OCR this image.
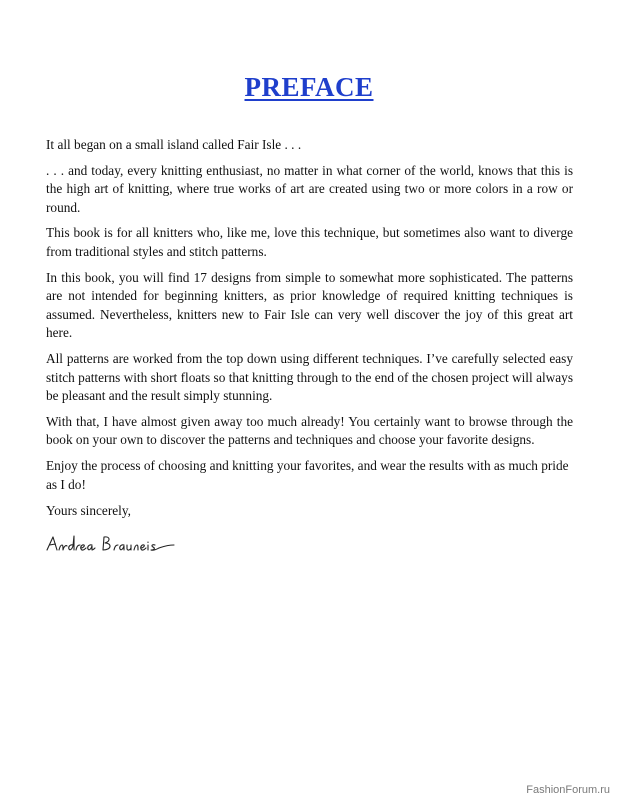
PREFACE

It all began on a small island called Fair Isle . . .

. . . and today, every knitting enthusiast, no matter in what corner of the world, knows that this is the high art of knitting, where true works of art are created using two or more colors in a row or round.

This book is for all knitters who, like me, love this technique, but sometimes also want to diverge from traditional styles and stitch patterns.

In this book, you will find 17 designs from simple to somewhat more sophisticated. The patterns are not intended for beginning knitters, as prior knowledge of required knitting techniques is assumed. Nevertheless, knitters new to Fair Isle can very well discover the joy of this great art here.

All patterns are worked from the top down using different techniques. I’ve carefully selected easy stitch patterns with short floats so that knitting through to the end of the chosen project will always be pleasant and the result simply stunning.

With that, I have almost given away too much already! You certainly want to browse through the book on your own to discover the patterns and techniques and choose your favorite designs.

Enjoy the process of choosing and knitting your favorites, and wear the results with as much pride as I do!

Yours sincerely,

FashionForum.ru
